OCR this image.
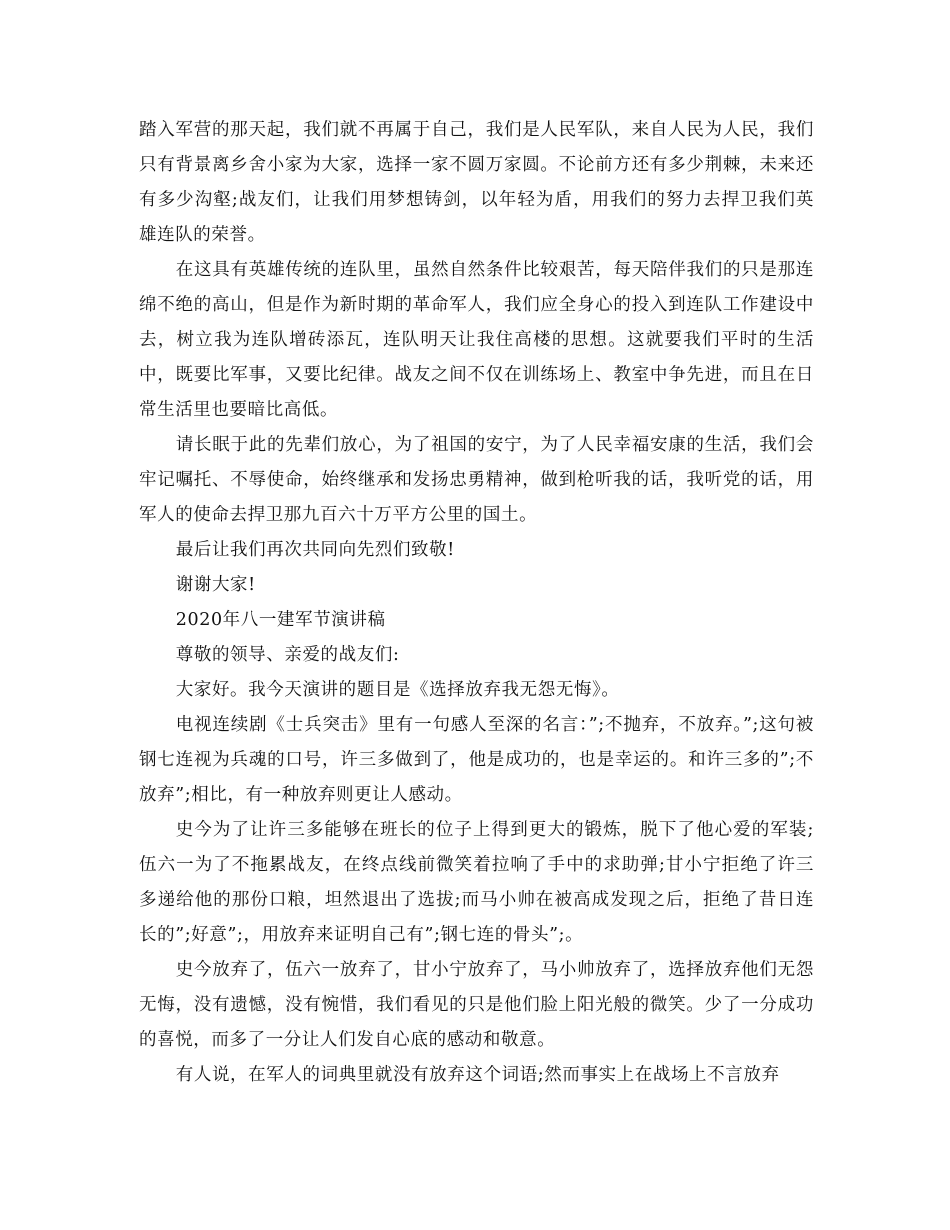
踏入军营的那天起，我们就不再属于自己，我们是人民军队，来自人民为人民，我们只有背景离乡舍小家为大家，选择一家不圆万家圆。不论前方还有多少荆棘，未来还有多少沟壑;战友们，让我们用梦想铸剑，以年轻为盾，用我们的努力去捍卫我们英雄连队的荣誉。

在这具有英雄传统的连队里，虽然自然条件比较艰苦，每天陪伴我们的只是那连绵不绝的高山，但是作为新时期的革命军人，我们应全身心的投入到连队工作建设中去，树立我为连队增砖添瓦，连队明天让我住高楼的思想。这就要我们平时的生活中，既要比军事，又要比纪律。战友之间不仅在训练场上、教室中争先进，而且在日常生活里也要暗比高低。

请长眠于此的先辈们放心，为了祖国的安宁，为了人民幸福安康的生活，我们会牢记嘱托、不辱使命，始终继承和发扬忠勇精神，做到枪听我的话，我听党的话，用军人的使命去捍卫那九百六十万平方公里的国土。

最后让我们再次共同向先烈们致敬!

谢谢大家!

2020年八一建军节演讲稿

尊敬的领导、亲爱的战友们:

大家好。我今天演讲的题目是《选择放弃我无怨无悔》。

电视连续剧《士兵突击》里有一句感人至深的名言：”;不抛弃，不放弃。”;这句被钢七连视为兵魂的口号，许三多做到了，他是成功的，也是幸运的。和许三多的”;不放弃”;相比，有一种放弃则更让人感动。

史今为了让许三多能够在班长的位子上得到更大的锻炼，脱下了他心爱的军装;伍六一为了不拖累战友，在终点线前微笑着拉响了手中的求助弹;甘小宁拒绝了许三多递给他的那份口粮，坦然退出了选拔;而马小帅在被高成发现之后，拒绝了昔日连长的”;好意”;，用放弃来证明自己有”;钢七连的骨头”;。

史今放弃了，伍六一放弃了，甘小宁放弃了，马小帅放弃了，选择放弃他们无怨无悔，没有遗憾，没有惋惜，我们看见的只是他们脸上阳光般的微笑。少了一分成功的喜悦，而多了一分让人们发自心底的感动和敬意。

有人说，在军人的词典里就没有放弃这个词语;然而事实上在战场上不言放弃
